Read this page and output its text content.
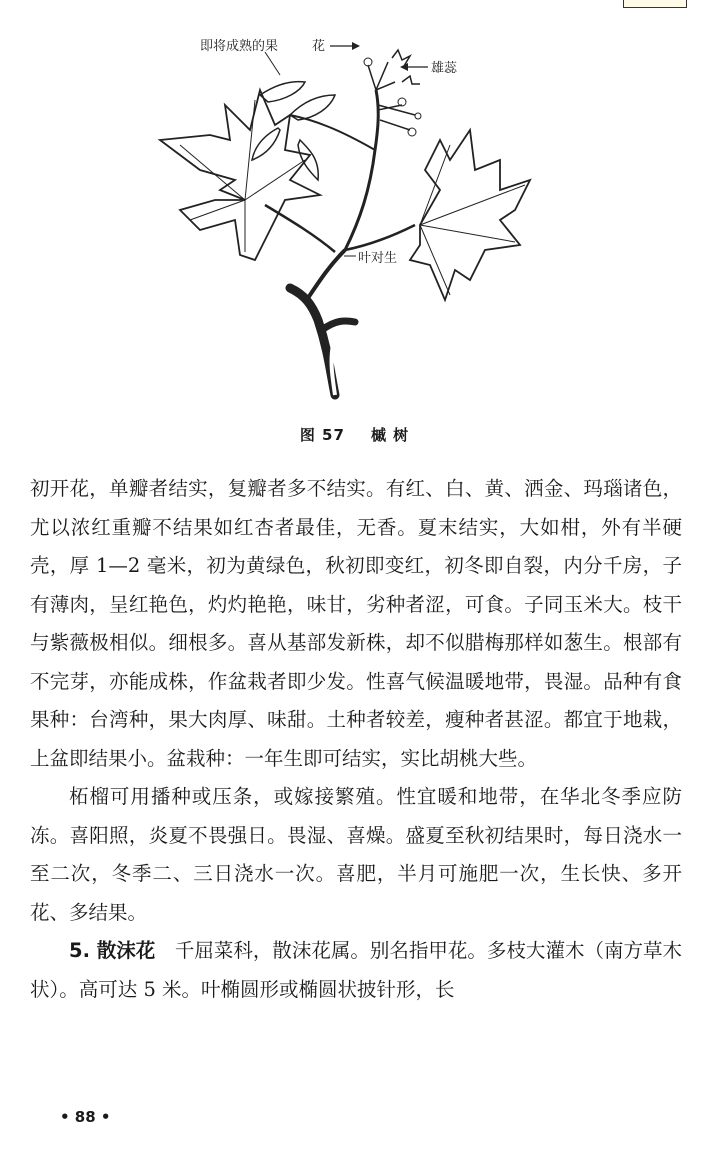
即将成熟的果	花
雄蕊
叶对生
图 57 槭 树

初开花，单瓣者结实，复瓣者多不结实。有红、白、黄、洒金、玛瑙诸色，尤以浓红重瓣不结果如红杏者最佳，无香。夏末结实，大如柑，外有半硬壳，厚 1—2 毫米，初为黄绿色，秋初即变红，初冬即自裂，内分千房，子有薄肉，呈红艳色，灼灼艳艳，味甘，劣种者涩，可食。子同玉米大。枝干与紫薇极相似。细根多。喜从基部发新株，却不似腊梅那样如葱生。根部有不完芽，亦能成株，作盆栽者即少发。性喜气候温暖地带，畏湿。品种有食果种：台湾种，果大肉厚、味甜。土种者较差，瘦种者甚涩。都宜于地栽，上盆即结果小。盆栽种：一年生即可结实，实比胡桃大些。

柘榴可用播种或压条，或嫁接繁殖。性宜暖和地带，在华北冬季应防冻。喜阳照，炎夏不畏强日。畏湿、喜燥。盛夏至秋初结果时，每日浇水一至二次，冬季二、三日浇水一次。喜肥，半月可施肥一次，生长快、多开花、多结果。

5. 散沫花　 千屈菜科，散沫花属。别名指甲花。多枝大灌木（南方草木状）。高可达 5 米。叶椭圆形或椭圆状披针形，长

• 88 •
